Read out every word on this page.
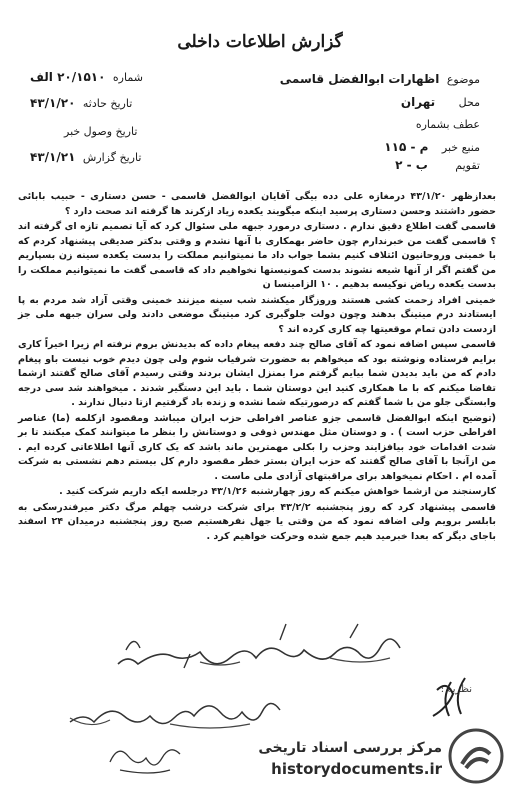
گزارش اطلاعات داخلی
موضوع اظهارات ابوالفضل قاسمی
محل تهران
عطف بشماره
منبع خبر م - ۱۱۵
تقویم ب - ۲
شماره ۲۰/۱۵۱۰ الف
تاریخ حادثه ۴۳/۱/۲۰
تاریخ وصول خبر
تاریخ گزارش ۴۳/۱/۲۱

بعدازظهر ۴۳/۱/۲۰ درمغازه علی دده بیگی آقایان ابوالفضل قاسمی - حسن دستاری - حبیب بابائی حضور داشتند وحسن دستاری پرسید اینکه میگویند یکعده زیاد ازکرند ها گرفته اند صحت دارد ؟

قاسمی گفت اطلاع دقیق ندارم . دستاری درمورد جبهه ملی سئوال کرد که آیا تصمیم تازه ای گرفته اند ؟ قاسمی گفت من خبرندارم چون حاضر بهمکاری با آنها نشدم و وقتی بدکتر صدیقی پیشنهاد کردم که با خمینی وروحانیون ائتلاف کنیم بشما جواب داد ما نمیتوانیم مملکت را بدست یکعده سینه زن بسپاریم من گفتم اگر از آنها شیعه نشوند بدست کمونیستها نخواهیم داد که قاسمی گفت ما نمیتوانیم مملکت را بدست یکعده ریاض نوکیسه بدهیم . ۱۰ الزامینسا ن

خمینی افراد زحمت کشی هستند وروزگار میکشند شب سینه میزنند خمینی وقتی آزاد شد مردم به پا ایستادند درم میتینگ بدهند وچون دولت جلوگیری کرد میتینگ موضعی دادند ولی سران جبهه ملی جز ازدست دادن تمام موقعیتها چه کاری کرده اند ؟

قاسمی سپس اضافه نمود که آقای صالح چند دفعه پیغام داده که بدیدنش بروم نرفته ام زیرا اخیراً کاری برایم فرستاده ونوشته بود که میخواهم به حضورت شرفیاب شوم ولی چون دیدم خوب نیست باو پیغام دادم که من باید بدیدن شما بیایم گرفتم مرا بمنزل ایشان بردند وقتی رسیدم آقای صالح گفتند ازشما تقاضا میکنم که با ما همکاری کنید این دوستان شما . باید این دستگیر شدند . میخواهند شد سی درجه وابستگی جلو من با شما گفتم که درصورتیکه شما نشده و زنده باد گرفتیم ازتا دنیال ندارند .

(توضیح اینکه ابوالفضل قاسمی جزو عناصر افراطی حزب ایران میباشد ومقصود ازکلمه (ما) عناصر افراطی حزب است ) . و دوستان مثل مهندس ذوقی و دوستانش را بنظر ما میتوانند کمک میکنند تا بر شدت اقدامات خود بیافزایند وحزب را بکلی مهمترین ماند باشد که یک کاری آنها اطلاعاتی کرده ایم . من ازآنجا با آقای صالح گفتند که حزب ایران بستر خطر مقصود دارم کل بیستم دهم نشستی به شرکت آمده ام . احکام نمیخواهد برای مراقبتهای آزادی ملی ماست .

کارسنجند من ازشما خواهش میکنم که روز چهارشنبه ۴۳/۱/۲۶ درجلسه ایکه داریم شرکت کنید .

قاسمی پیشنهاد کرد که روز پنجشنبه ۴۳/۲/۲ برای شرکت درشب چهلم مرگ دکتر میرفندرسکی به بابلسر برویم ولی اضافه نمود که من وقتی یا جهل نفرهستیم صبح روز پنجشنبه درمیدان ۲۴ اسفند باجای دیگر که بعدا خبرمید هیم جمع شده وحرکت خواهیم کرد .

نظریه :
مرکز بررسی اسناد تاریخی
historydocuments.ir
